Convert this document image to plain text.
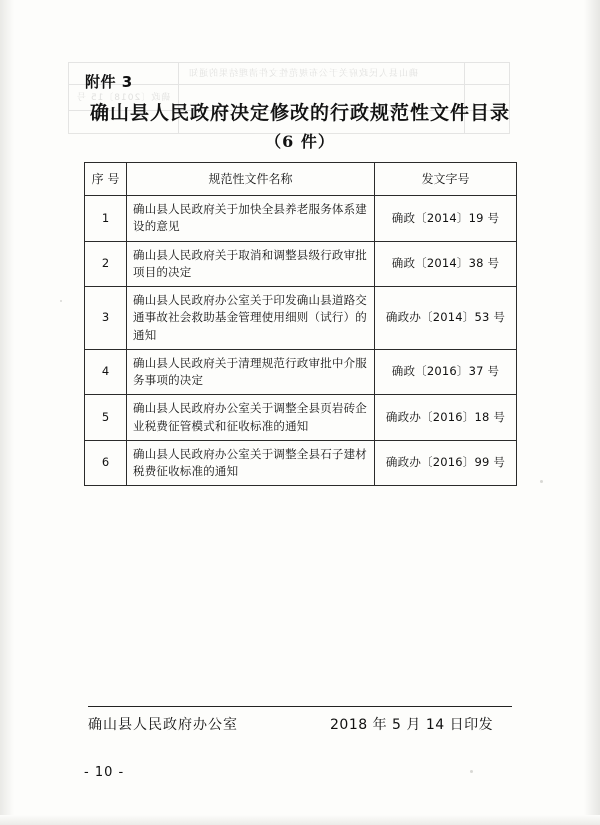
确山县人民政府关于公布规范性文件清理结果的通知
确政〔2018〕15 号
附件 3
确山县人民政府决定修改的行政规范性文件目录
（6 件）
序 号	规范性文件名称	发文字号
1	确山县人民政府关于加快全县养老服务体系建设的意见	确政〔2014〕19 号
2	确山县人民政府关于取消和调整县级行政审批项目的决定	确政〔2014〕38 号
3	确山县人民政府办公室关于印发确山县道路交通事故社会救助基金管理使用细则（试行）的通知	确政办〔2014〕53 号
4	确山县人民政府关于清理规范行政审批中介服务事项的决定	确政〔2016〕37 号
5	确山县人民政府办公室关于调整全县页岩砖企业税费征管模式和征收标准的通知	确政办〔2016〕18 号
6	确山县人民政府办公室关于调整全县石子建材税费征收标准的通知	确政办〔2016〕99 号
确山县人民政府办公室	2018 年 5 月 14 日印发
- 10 -
